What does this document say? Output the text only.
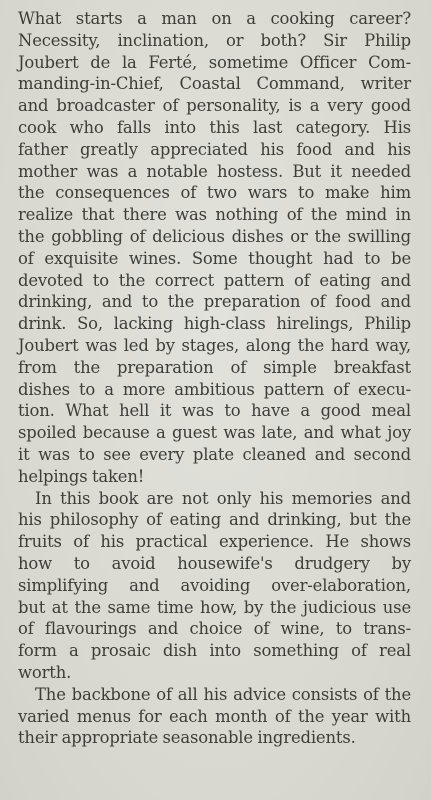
What starts a man on a cooking career?
Necessity, inclination, or both? Sir Philip
Joubert de la Ferté, sometime Officer Com-
manding-in-Chief, Coastal Command, writer
and broadcaster of personality, is a very good
cook who falls into this last category. His
father greatly appreciated his food and his
mother was a notable hostess. But it needed
the consequences of two wars to make him
realize that there was nothing of the mind in
the gobbling of delicious dishes or the swilling
of exquisite wines. Some thought had to be
devoted to the correct pattern of eating and
drinking, and to the preparation of food and
drink. So, lacking high-class hirelings, Philip
Joubert was led by stages, along the hard way,
from the preparation of simple breakfast
dishes to a more ambitious pattern of execu-
tion. What hell it was to have a good meal
spoiled because a guest was late, and what joy
it was to see every plate cleaned and second
helpings taken!
In this book are not only his memories and
his philosophy of eating and drinking, but the
fruits of his practical experience. He shows
how to avoid housewife's drudgery by
simplifying and avoiding over-elaboration,
but at the same time how, by the judicious use
of flavourings and choice of wine, to trans-
form a prosaic dish into something of real
worth.
The backbone of all his advice consists of the
varied menus for each month of the year with
their appropriate seasonable ingredients.
